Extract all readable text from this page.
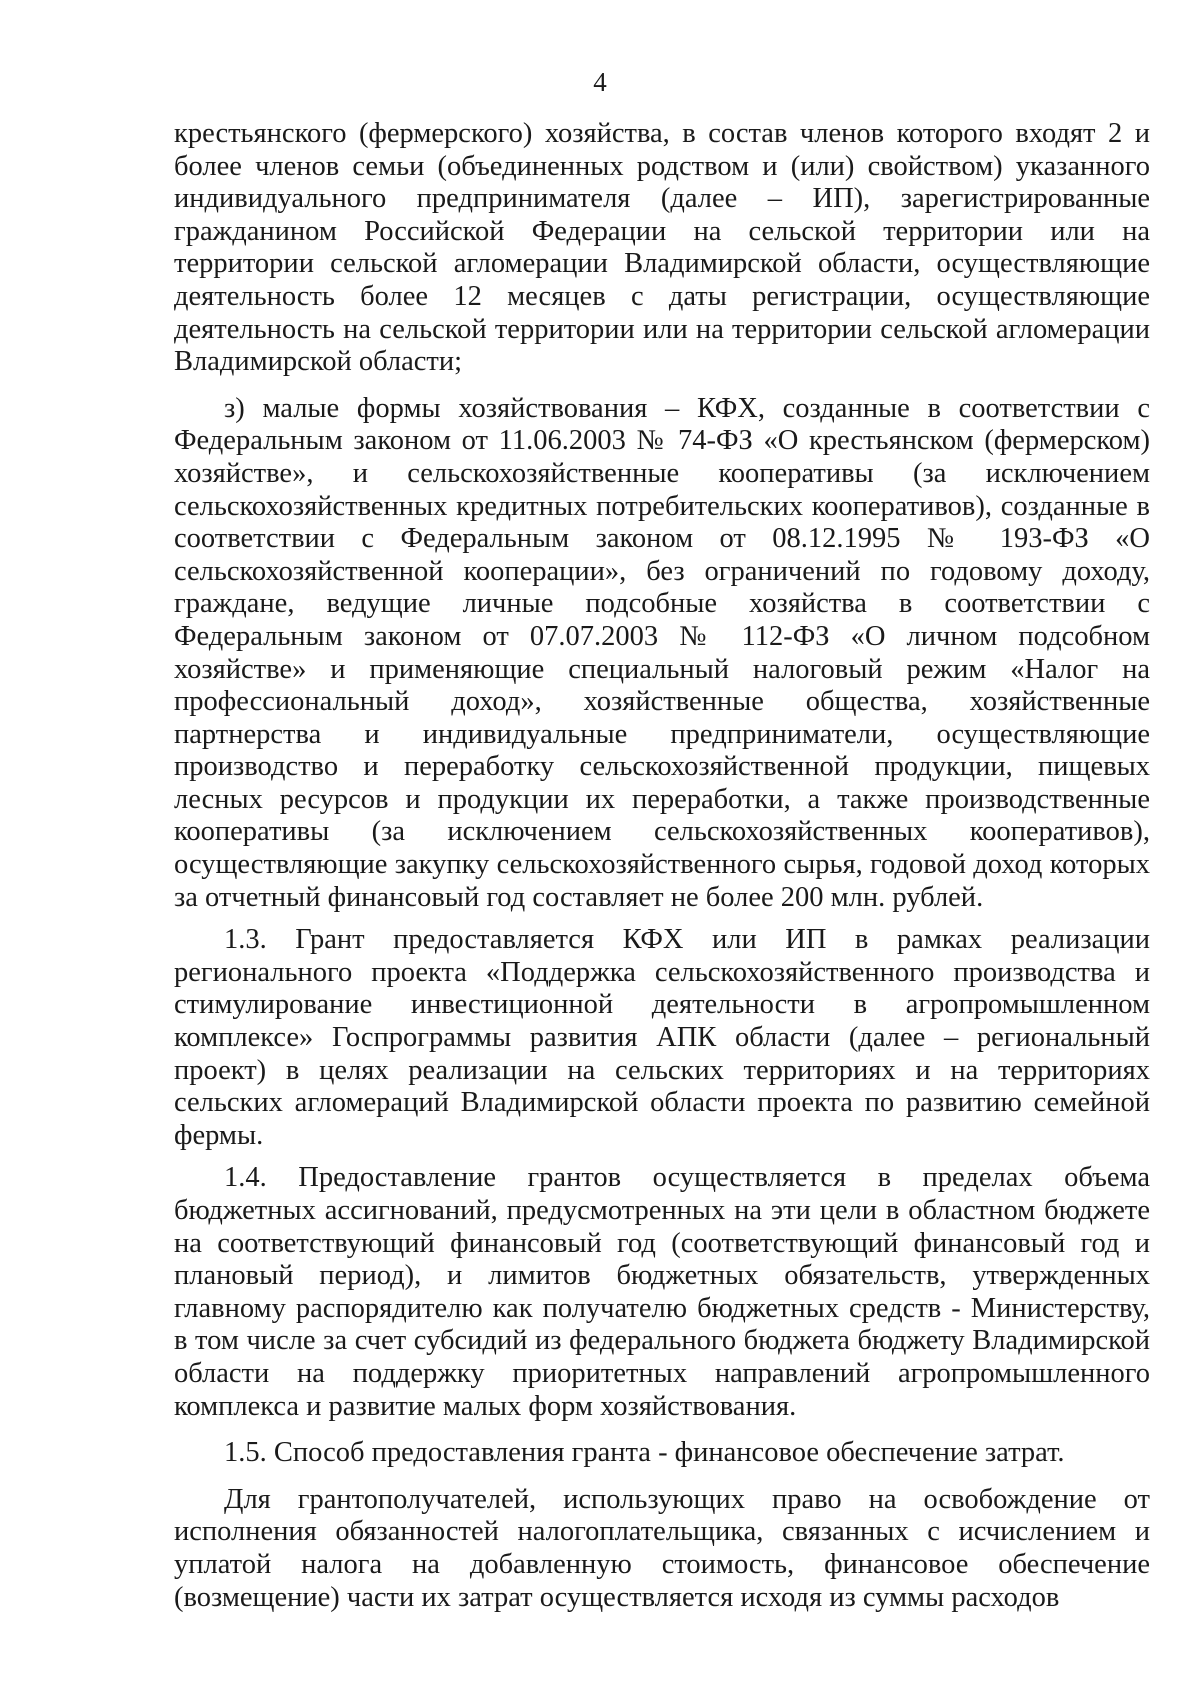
4

крестьянского (фермерского) хозяйства, в состав членов которого входят 2 и более членов семьи (объединенных родством и (или) свойством) указанного индивидуального предпринимателя (далее – ИП), зарегистрированные гражданином Российской Федерации на сельской территории или на территории сельской агломерации Владимирской области, осуществляющие деятельность более 12 месяцев с даты регистрации, осуществляющие деятельность на сельской территории или на территории сельской агломерации Владимирской области;

з) малые формы хозяйствования – КФХ, созданные в соответствии с Федеральным законом от 11.06.2003 № 74-ФЗ «О крестьянском (фермерском) хозяйстве», и сельскохозяйственные кооперативы (за исключением сельскохозяйственных кредитных потребительских кооперативов), созданные в соответствии с Федеральным законом от 08.12.1995 № 193-ФЗ «О сельскохозяйственной кооперации», без ограничений по годовому доходу, граждане, ведущие личные подсобные хозяйства в соответствии с Федеральным законом от 07.07.2003 № 112-ФЗ «О личном подсобном хозяйстве» и применяющие специальный налоговый режим «Налог на профессиональный доход», хозяйственные общества, хозяйственные партнерства и индивидуальные предприниматели, осуществляющие производство и переработку сельскохозяйственной продукции, пищевых лесных ресурсов и продукции их переработки, а также производственные кооперативы (за исключением сельскохозяйственных кооперативов), осуществляющие закупку сельскохозяйственного сырья, годовой доход которых за отчетный финансовый год составляет не более 200 млн. рублей.

1.3. Грант предоставляется КФХ или ИП в рамках реализации регионального проекта «Поддержка сельскохозяйственного производства и стимулирование инвестиционной деятельности в агропромышленном комплексе» Госпрограммы развития АПК области (далее – региональный проект) в целях реализации на сельских территориях и на территориях сельских агломераций Владимирской области проекта по развитию семейной фермы.

1.4. Предоставление грантов осуществляется в пределах объема бюджетных ассигнований, предусмотренных на эти цели в областном бюджете на соответствующий финансовый год (соответствующий финансовый год и плановый период), и лимитов бюджетных обязательств, утвержденных главному распорядителю как получателю бюджетных средств - Министерству, в том числе за счет субсидий из федерального бюджета бюджету Владимирской области на поддержку приоритетных направлений агропромышленного комплекса и развитие малых форм хозяйствования.

1.5. Способ предоставления гранта - финансовое обеспечение затрат.

Для грантополучателей, использующих право на освобождение от исполнения обязанностей налогоплательщика, связанных с исчислением и уплатой налога на добавленную стоимость, финансовое обеспечение (возмещение) части их затрат осуществляется исходя из суммы расходов
